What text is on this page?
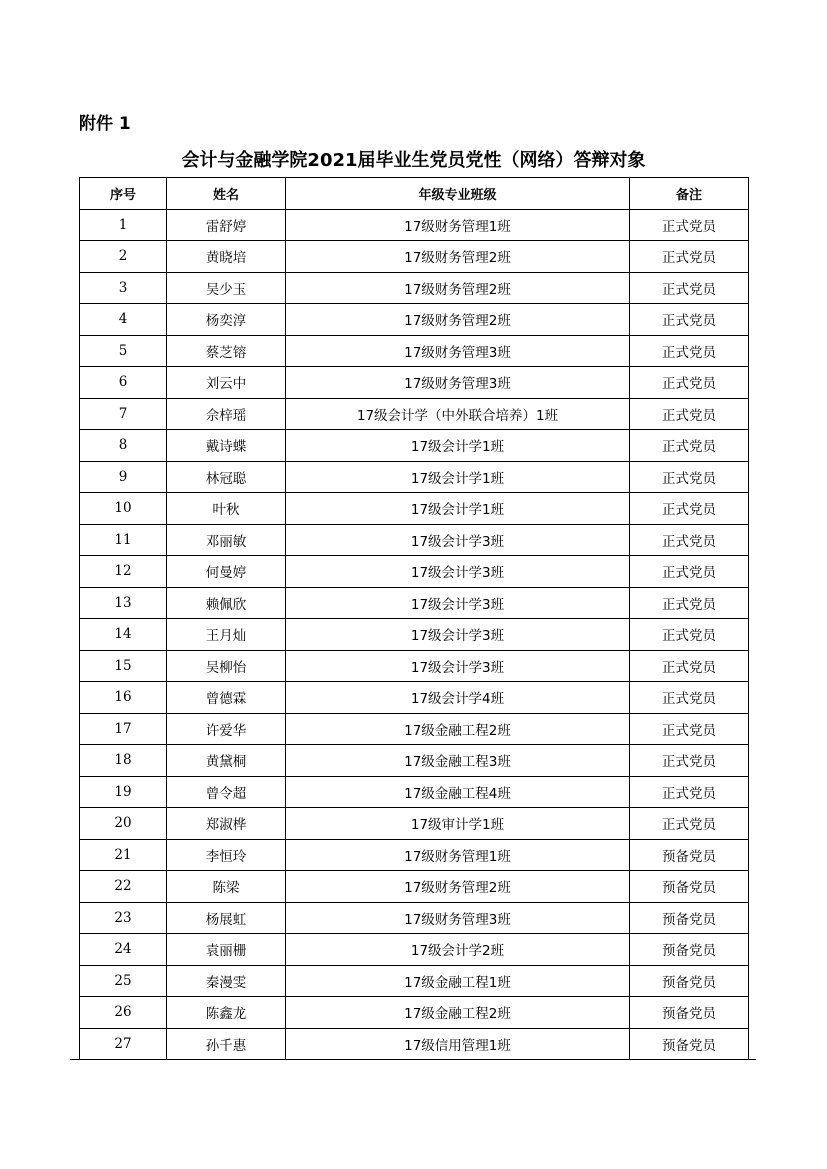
附件 1
会计与金融学院2021届毕业生党员党性（网络）答辩对象
序号	姓名	年级专业班级	备注
1	雷舒婷	17级财务管理1班	正式党员
2	黄晓培	17级财务管理2班	正式党员
3	吴少玉	17级财务管理2班	正式党员
4	杨奕淳	17级财务管理2班	正式党员
5	蔡芝镕	17级财务管理3班	正式党员
6	刘云中	17级财务管理3班	正式党员
7	佘梓瑶	17级会计学（中外联合培养）1班	正式党员
8	戴诗蝶	17级会计学1班	正式党员
9	林冠聪	17级会计学1班	正式党员
10	叶秋	17级会计学1班	正式党员
11	邓丽敏	17级会计学3班	正式党员
12	何曼婷	17级会计学3班	正式党员
13	赖佩欣	17级会计学3班	正式党员
14	王月灿	17级会计学3班	正式党员
15	吴柳怡	17级会计学3班	正式党员
16	曾德霖	17级会计学4班	正式党员
17	许爱华	17级金融工程2班	正式党员
18	黄黛桐	17级金融工程3班	正式党员
19	曾令超	17级金融工程4班	正式党员
20	郑淑桦	17级审计学1班	正式党员
21	李恒玲	17级财务管理1班	预备党员
22	陈梁	17级财务管理2班	预备党员
23	杨展虹	17级财务管理3班	预备党员
24	袁丽栅	17级会计学2班	预备党员
25	秦漫雯	17级金融工程1班	预备党员
26	陈鑫龙	17级金融工程2班	预备党员
27	孙千惠	17级信用管理1班	预备党员
